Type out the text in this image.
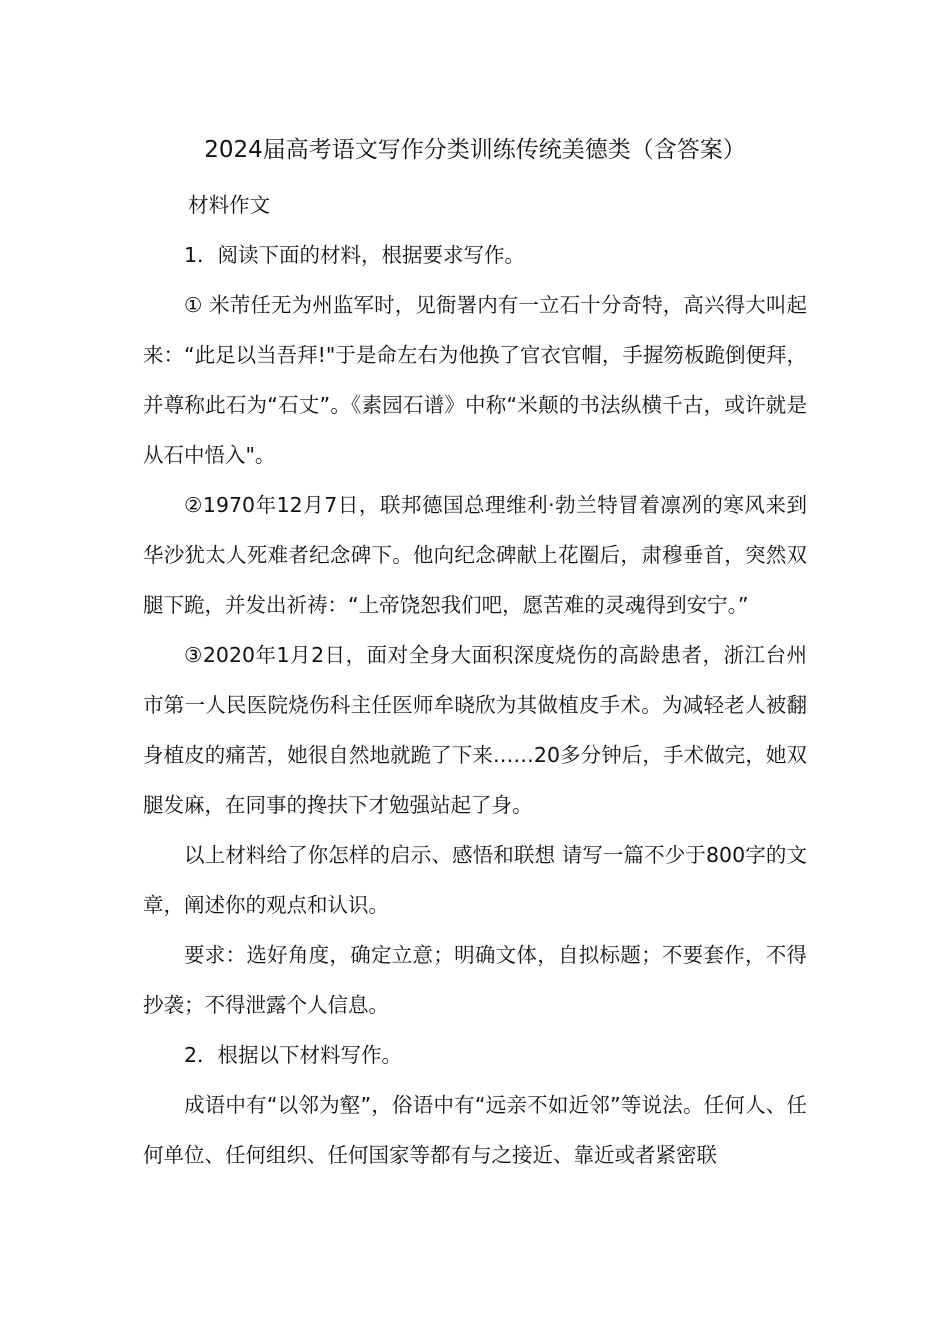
2024届高考语文写作分类训练传统美德类（含答案）

材料作文

1．阅读下面的材料，根据要求写作。

① 米芾任无为州监军时，见衙署内有一立石十分奇特，高兴得大叫起来：“此足以当吾拜!"于是命左右为他换了官衣官帽，手握笏板跪倒便拜，并尊称此石为“石丈”。《素园石谱》中称“米颠的书法纵横千古，或许就是从石中悟入"。

②1970年12月7日，联邦德国总理维利·勃兰特冒着凛冽的寒风来到华沙犹太人死难者纪念碑下。他向纪念碑献上花圈后，肃穆垂首，突然双腿下跪，并发出祈祷：“上帝饶恕我们吧，愿苦难的灵魂得到安宁。”

③2020年1月2日，面对全身大面积深度烧伤的高龄患者，浙江台州市第一人民医院烧伤科主任医师牟晓欣为其做植皮手术。为减轻老人被翻身植皮的痛苦，她很自然地就跪了下来……20多分钟后，手术做完，她双腿发麻，在同事的搀扶下才勉强站起了身。

以上材料给了你怎样的启示、感悟和联想 请写一篇不少于800字的文章，阐述你的观点和认识。

要求：选好角度，确定立意；明确文体，自拟标题；不要套作，不得抄袭；不得泄露个人信息。

2．根据以下材料写作。

成语中有“以邻为壑”，俗语中有“远亲不如近邻”等说法。任何人、任何单位、任何组织、任何国家等都有与之接近、靠近或者紧密联
